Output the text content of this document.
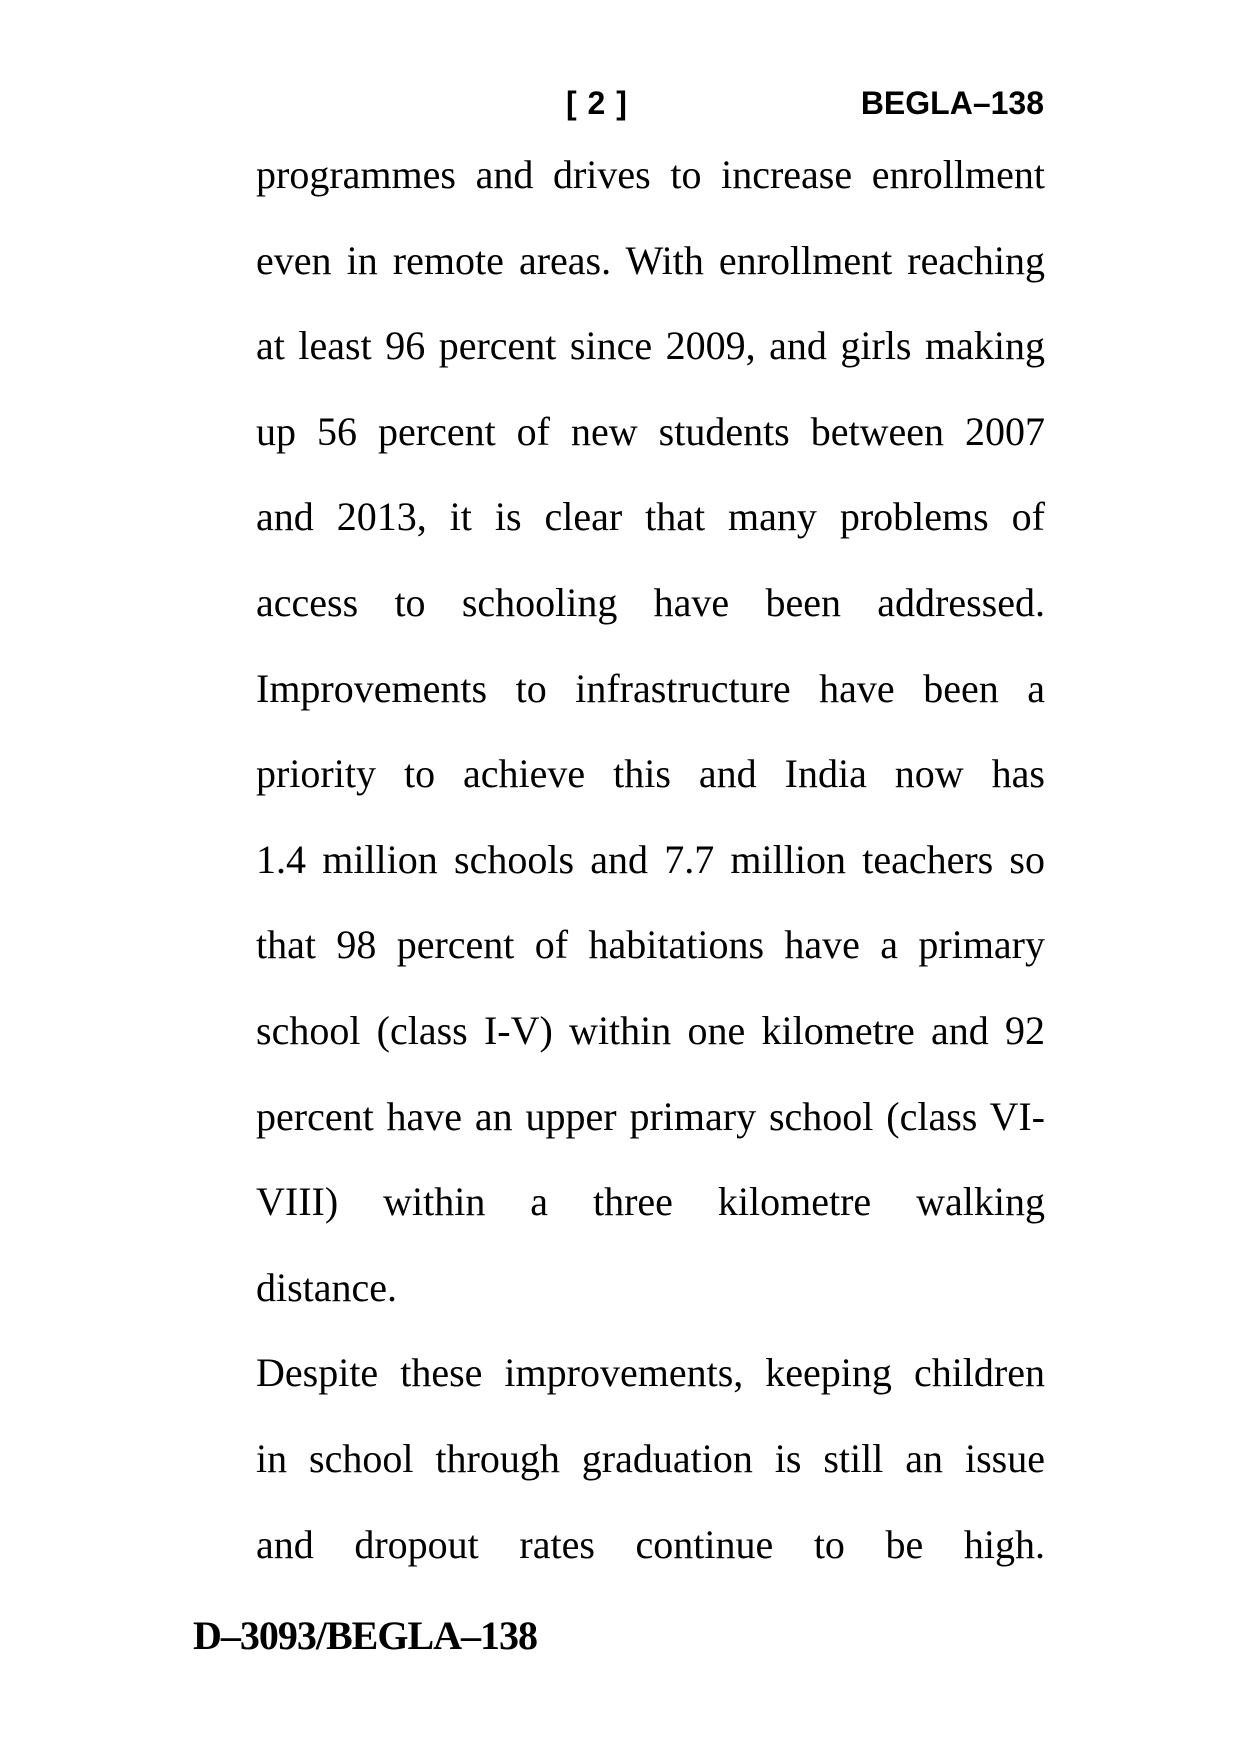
[ 2 ]	BEGLA–138
programmes and drives to increase enrollment
even in remote areas. With enrollment reaching
at least 96 percent since 2009, and girls making
up 56 percent of new students between 2007
and 2013, it is clear that many problems of
access to schooling have been addressed.
Improvements to infrastructure have been a
priority to achieve this and India now has
1.4 million schools and 7.7 million teachers so
that 98 percent of habitations have a primary
school (class I-V) within one kilometre and 92
percent have an upper primary school (class VI-
VIII) within a three kilometre walking
distance.
Despite these improvements, keeping children
in school through graduation is still an issue
and dropout rates continue to be high.
D–3093/BEGLA–138
